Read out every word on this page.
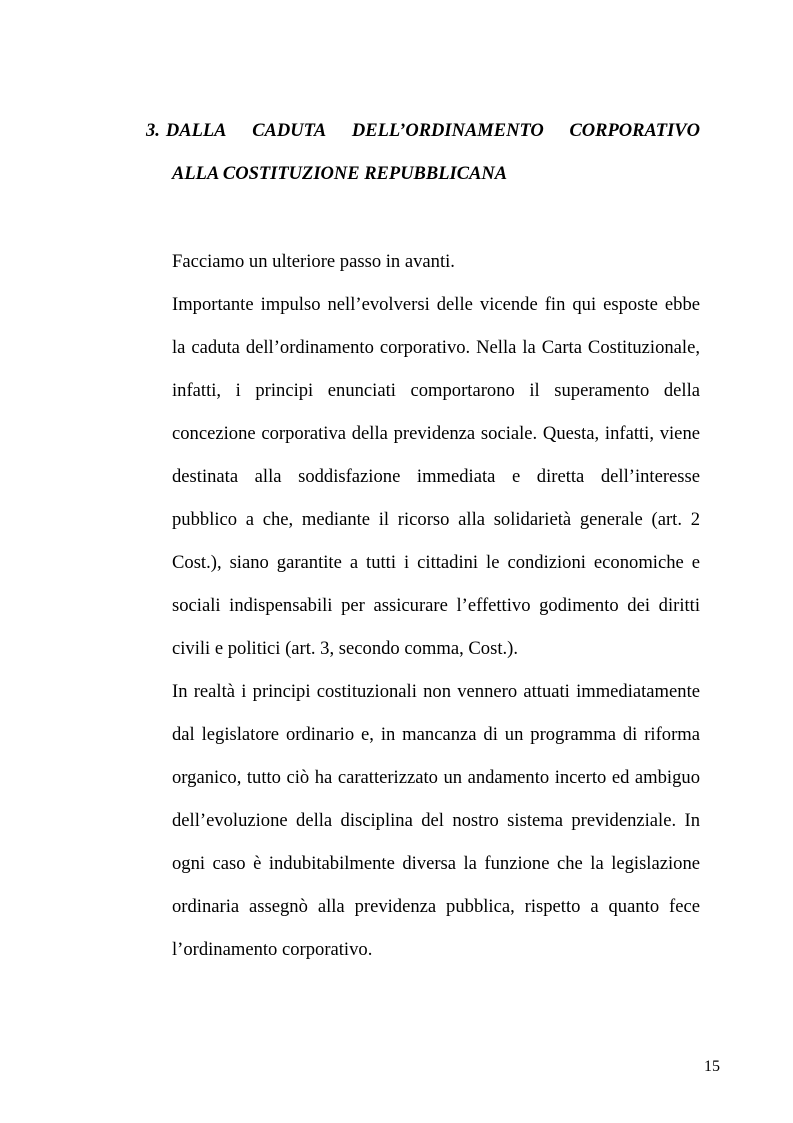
3. DALLA CADUTA DELL’ORDINAMENTO CORPORATIVO
ALLA COSTITUZIONE REPUBBLICANA
Facciamo un ulteriore passo in avanti.
Importante impulso nell’evolversi delle vicende fin qui esposte ebbe
la caduta dell’ordinamento corporativo. Nella la Carta Costituzionale,
infatti, i principi enunciati comportarono il superamento della
concezione corporativa della previdenza sociale. Questa, infatti, viene
destinata alla soddisfazione immediata e diretta dell’interesse
pubblico a che, mediante il ricorso alla solidarietà generale (art. 2
Cost.), siano garantite a tutti i cittadini le condizioni economiche e
sociali indispensabili per assicurare l’effettivo godimento dei diritti
civili e politici (art. 3, secondo comma, Cost.).
In realtà i principi costituzionali non vennero attuati immediatamente
dal legislatore ordinario e, in mancanza di un programma di riforma
organico, tutto ciò ha caratterizzato un andamento incerto ed ambiguo
dell’evoluzione della disciplina del nostro sistema previdenziale. In
ogni caso è indubitabilmente diversa la funzione che la legislazione
ordinaria assegnò alla previdenza pubblica, rispetto a quanto fece
l’ordinamento corporativo.
15
